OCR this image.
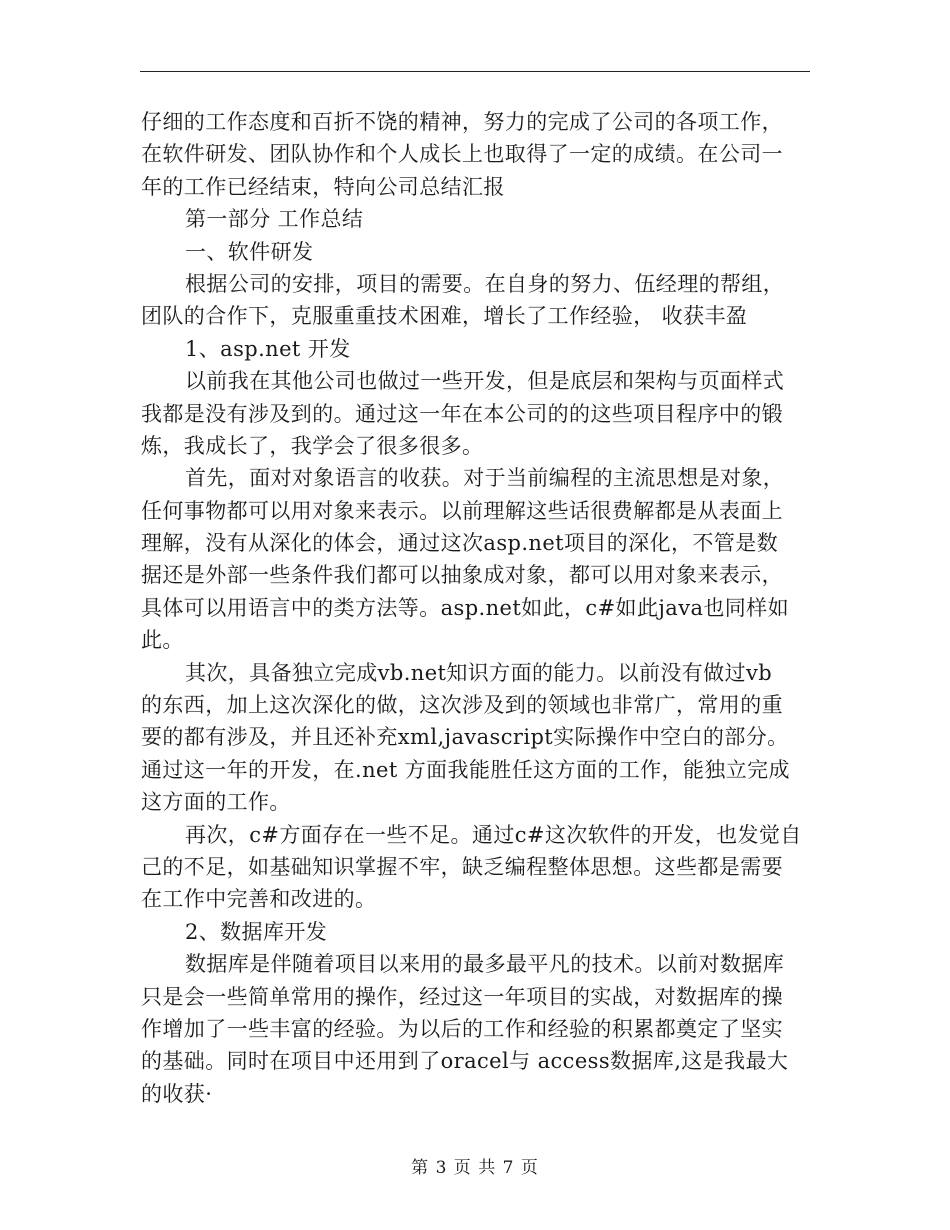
仔细的工作态度和百折不饶的精神，努力的完成了公司的各项工作，
在软件研发、团队协作和个人成长上也取得了一定的成绩。在公司一
年的工作已经结束，特向公司总结汇报
第一部分 工作总结
一、软件研发
根据公司的安排，项目的需要。在自身的努力、伍经理的帮组，
团队的合作下，克服重重技术困难，增长了工作经验， 收获丰盈
1、asp.net 开发
以前我在其他公司也做过一些开发，但是底层和架构与页面样式
我都是没有涉及到的。通过这一年在本公司的的这些项目程序中的锻
炼，我成长了，我学会了很多很多。
首先，面对对象语言的收获。对于当前编程的主流思想是对象，
任何事物都可以用对象来表示。以前理解这些话很费解都是从表面上
理解，没有从深化的体会，通过这次asp.net项目的深化，不管是数
据还是外部一些条件我们都可以抽象成对象，都可以用对象来表示，
具体可以用语言中的类方法等。asp.net如此，c#如此java也同样如
此。
其次，具备独立完成vb.net知识方面的能力。以前没有做过vb
的东西，加上这次深化的做，这次涉及到的领域也非常广，常用的重
要的都有涉及，并且还补充xml,javascript实际操作中空白的部分。
通过这一年的开发，在.net 方面我能胜任这方面的工作，能独立完成
这方面的工作。
再次，c#方面存在一些不足。通过c#这次软件的开发，也发觉自
己的不足，如基础知识掌握不牢，缺乏编程整体思想。这些都是需要
在工作中完善和改进的。
2、数据库开发
数据库是伴随着项目以来用的最多最平凡的技术。以前对数据库
只是会一些简单常用的操作，经过这一年项目的实战，对数据库的操
作增加了一些丰富的经验。为以后的工作和经验的积累都奠定了坚实
的基础。同时在项目中还用到了oracel与 access数据库,这是我最大
的收获·
第 3 页 共 7 页
